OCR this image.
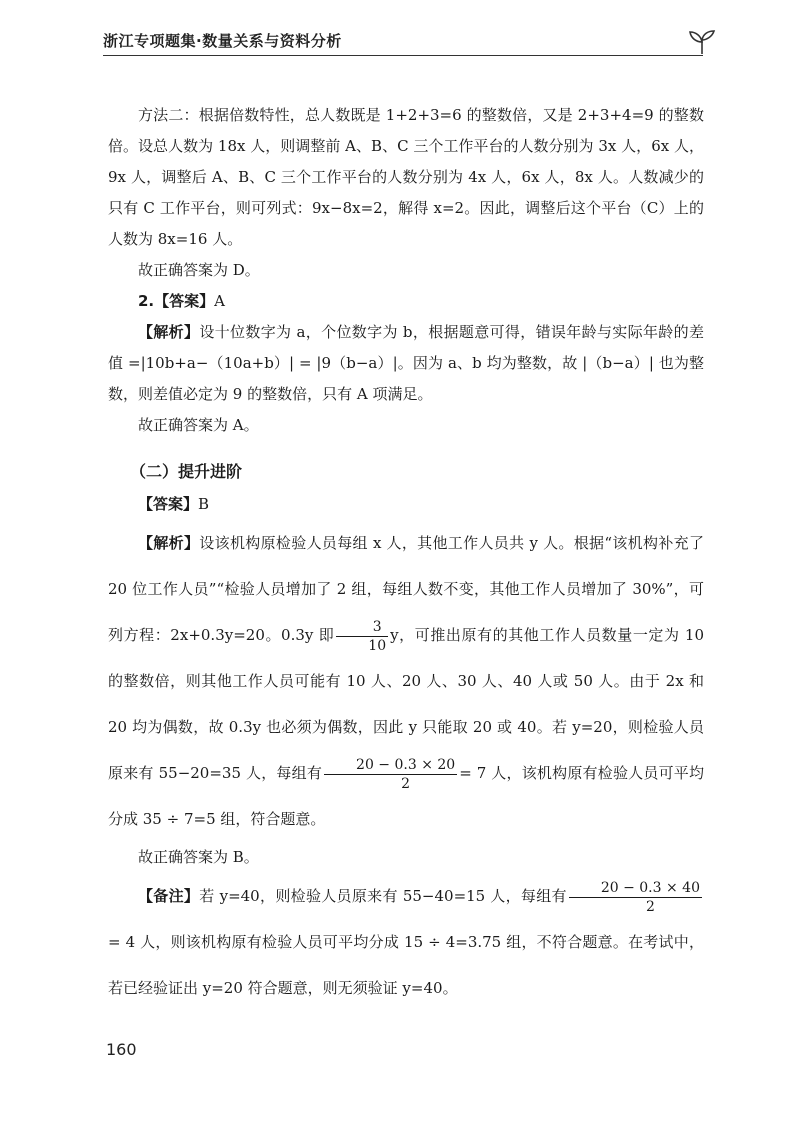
浙江专项题集·数量关系与资料分析

方法二：根据倍数特性，总人数既是 1+2+3=6 的整数倍，又是 2+3+4=9 的整数倍。设总人数为 18x 人，则调整前 A、B、C 三个工作平台的人数分别为 3x 人，6x 人，9x 人，调整后 A、B、C 三个工作平台的人数分别为 4x 人，6x 人，8x 人。人数减少的只有 C 工作平台，则可列式：9x−8x=2，解得 x=2。因此，调整后这个平台（C）上的人数为 8x=16 人。

故正确答案为 D。

2.【答案】A

【解析】设十位数字为 a，个位数字为 b，根据题意可得，错误年龄与实际年龄的差值 =|10b+a−（10a+b）| = |9（b−a）|。因为 a、b 均为整数，故 |（b−a）| 也为整数，则差值必定为 9 的整数倍，只有 A 项满足。

故正确答案为 A。

（二）提升进阶

【答案】B

【解析】设该机构原检验人员每组 x 人，其他工作人员共 y 人。根据“该机构补充了 20 位工作人员”“检验人员增加了 2 组，每组人数不变，其他工作人员增加了 30%”，可列方程：2x+0.3y=20。0.3y 即 $\frac{3}{10}$ y，可推出原有的其他工作人员数量一定为 10 的整数倍，则其他工作人员可能有 10 人、20 人、30 人、40 人或 50 人。由于 2x 和 20 均为偶数，故 0.3y 也必须为偶数，因此 y 只能取 20 或 40。若 y=20，则检验人员原来有 55−20=35 人，每组有 $\frac{20 - 0.3 \times 20}{2} = 7$ 人，该机构原有检验人员可平均分成 35 ÷ 7=5 组，符合题意。

故正确答案为 B。

【备注】若 y=40，则检验人员原来有 55−40=15 人，每组有 $\frac{20 - 0.3 \times 40}{2}$
= 4 人，则该机构原有检验人员可平均分成 15 ÷ 4=3.75 组，不符合题意。在考试中，若已经验证出 y=20 符合题意，则无须验证 y=40。

160
